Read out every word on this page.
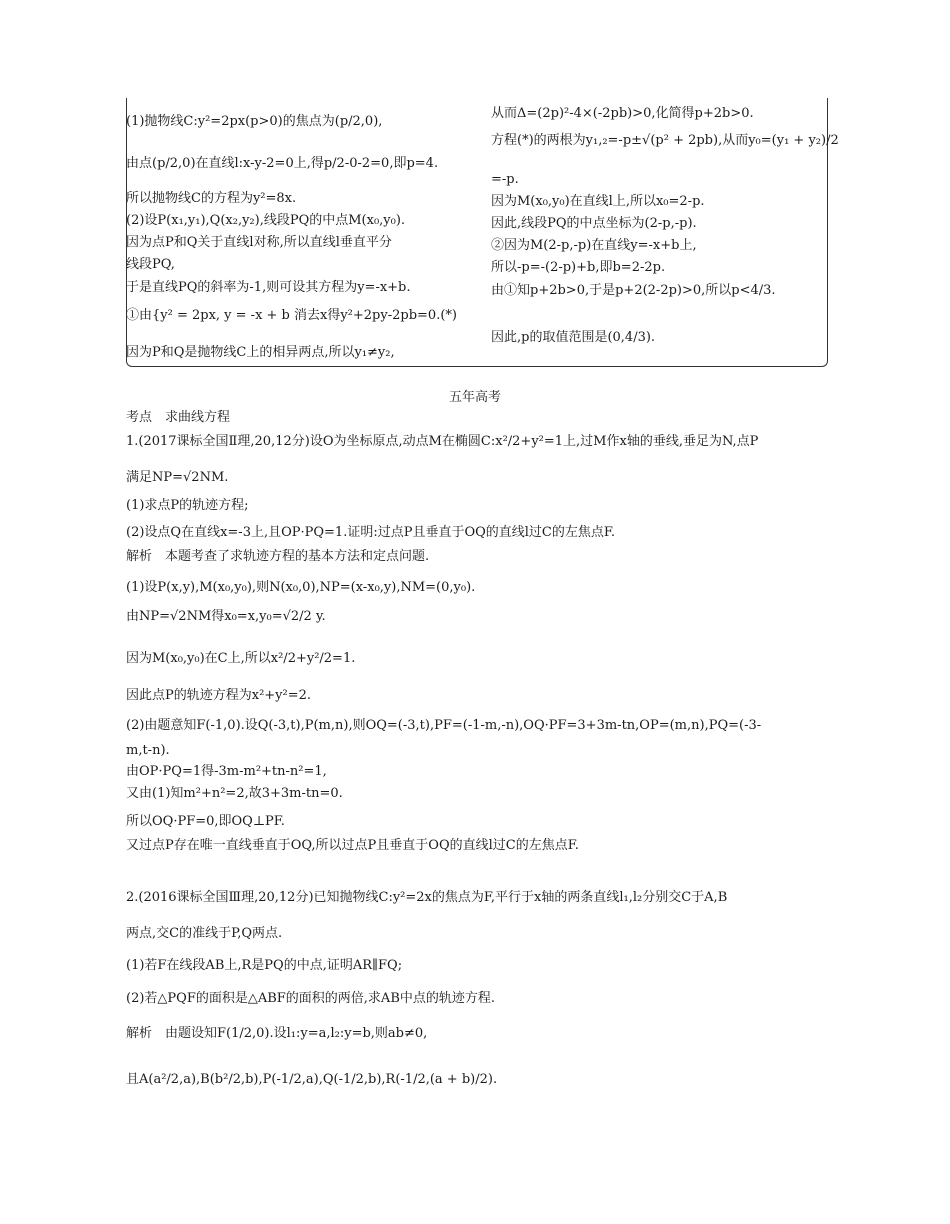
(1)抛物线C:y²=2px(p>0)的焦点为(p/2,0),
由点(p/2,0)在直线l:x-y-2=0上,得p/2-0-2=0,即p=4.
所以抛物线C的方程为y²=8x.
(2)设P(x₁,y₁),Q(x₂,y₂),线段PQ的中点M(x₀,y₀).
因为点P和Q关于直线l对称,所以直线l垂直平分
线段PQ,
于是直线PQ的斜率为-1,则可设其方程为y=-x+b.
①由{y² = 2px, y = -x + b 消去x得y²+2py-2pb=0.(*)
因为P和Q是抛物线C上的相异两点,所以y₁≠y₂,
从而Δ=(2p)²-4×(-2pb)>0,化简得p+2b>0.
方程(*)的两根为y₁,₂=-p±√(p² + 2pb),从而y₀=(y₁ + y₂)/2
=-p.
因为M(x₀,y₀)在直线l上,所以x₀=2-p.
因此,线段PQ的中点坐标为(2-p,-p).
②因为M(2-p,-p)在直线y=-x+b上,
所以-p=-(2-p)+b,即b=2-2p.
由①知p+2b>0,于是p+2(2-2p)>0,所以p<4/3.
因此,p的取值范围是(0,4/3).
五年高考
考点　求曲线方程
1.(2017课标全国Ⅱ理,20,12分)设O为坐标原点,动点M在椭圆C:x²/2+y²=1上,过M作x轴的垂线,垂足为N,点P
满足NP=√2NM.
(1)求点P的轨迹方程;
(2)设点Q在直线x=-3上,且OP·PQ=1.证明:过点P且垂直于OQ的直线l过C的左焦点F.
解析　本题考查了求轨迹方程的基本方法和定点问题.
(1)设P(x,y),M(x₀,y₀),则N(x₀,0),NP=(x-x₀,y),NM=(0,y₀).
由NP=√2NM得x₀=x,y₀=√2/2 y.
因为M(x₀,y₀)在C上,所以x²/2+y²/2=1.
因此点P的轨迹方程为x²+y²=2.
(2)由题意知F(-1,0).设Q(-3,t),P(m,n),则OQ=(-3,t),PF=(-1-m,-n),OQ·PF=3+3m-tn,OP=(m,n),PQ=(-3-
m,t-n).
由OP·PQ=1得-3m-m²+tn-n²=1,
又由(1)知m²+n²=2,故3+3m-tn=0.
所以OQ·PF=0,即OQ⊥PF.
又过点P存在唯一直线垂直于OQ,所以过点P且垂直于OQ的直线l过C的左焦点F.
2.(2016课标全国Ⅲ理,20,12分)已知抛物线C:y²=2x的焦点为F,平行于x轴的两条直线l₁,l₂分别交C于A,B
两点,交C的准线于P,Q两点.
(1)若F在线段AB上,R是PQ的中点,证明AR∥FQ;
(2)若△PQF的面积是△ABF的面积的两倍,求AB中点的轨迹方程.
解析　由题设知F(1/2,0).设l₁:y=a,l₂:y=b,则ab≠0,
且A(a²/2,a),B(b²/2,b),P(-1/2,a),Q(-1/2,b),R(-1/2,(a + b)/2).
